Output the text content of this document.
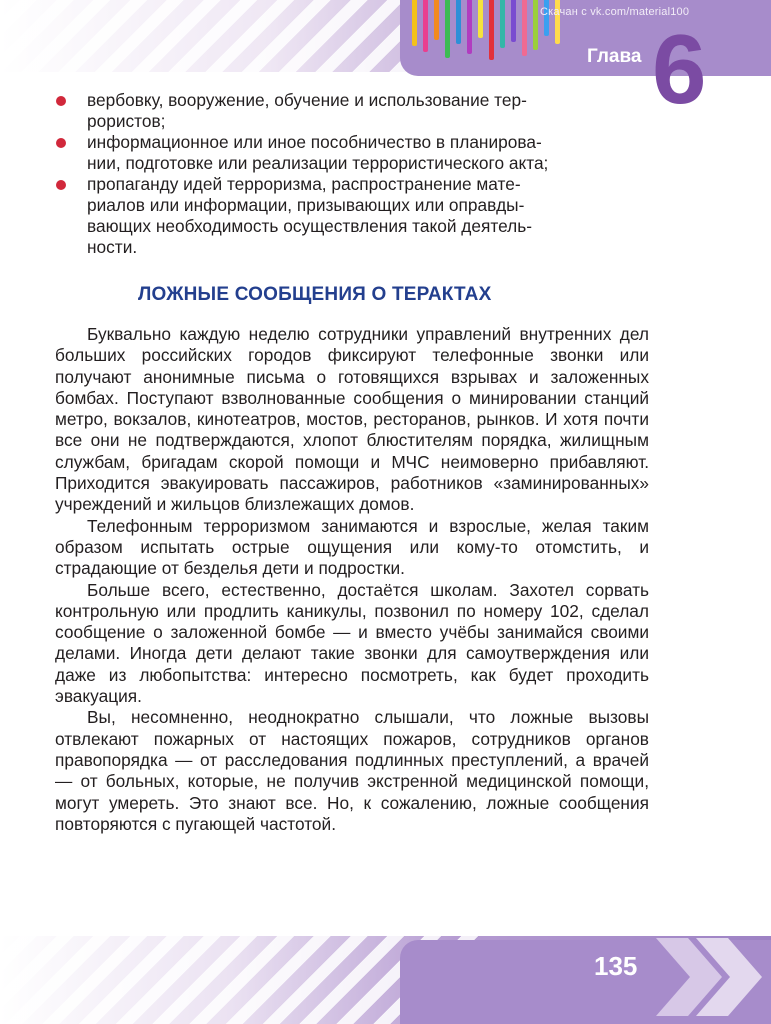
Скачан с vk.com/material100
Глава 6
вербовку, вооружение, обучение и использование тер-
рористов;
информационное или иное пособничество в планирова-
нии, подготовке или реализации террористического акта;
пропаганду идей терроризма, распространение мате-
риалов или информации, призывающих или оправды-
вающих необходимость осуществления такой деятель-
ности.
ЛОЖНЫЕ СООБЩЕНИЯ О ТЕРАКТАХ

Буквально каждую неделю сотрудники управлений внутренних дел больших российских городов фиксируют телефонные звонки или получают анонимные письма о готовящихся взрывах и заложенных бомбах. Поступают взволнованные сообщения о минировании станций метро, вокзалов, кинотеатров, мостов, ресторанов, рынков. И хотя почти все они не подтверждаются, хлопот блюстителям порядка, жилищным службам, бригадам скорой помощи и МЧС неимоверно прибавляют. Приходится эвакуировать пассажиров, работников «заминированных» учреждений и жильцов близлежащих домов.

Телефонным терроризмом занимаются и взрослые, желая таким образом испытать острые ощущения или кому-то отомстить, и страдающие от безделья дети и подростки.

Больше всего, естественно, достаётся школам. Захотел сорвать контрольную или продлить каникулы, позвонил по номеру 102, сделал сообщение о заложенной бомбе — и вместо учёбы занимайся своими делами. Иногда дети делают такие звонки для самоутверждения или даже из любопытства: интересно посмотреть, как будет проходить эвакуация.

Вы, несомненно, неоднократно слышали, что ложные вызовы отвлекают пожарных от настоящих пожаров, сотрудников органов правопорядка — от расследования подлинных преступлений, а врачей — от больных, которые, не получив экстренной медицинской помощи, могут умереть. Это знают все. Но, к сожалению, ложные сообщения повторяются с пугающей частотой.

135
